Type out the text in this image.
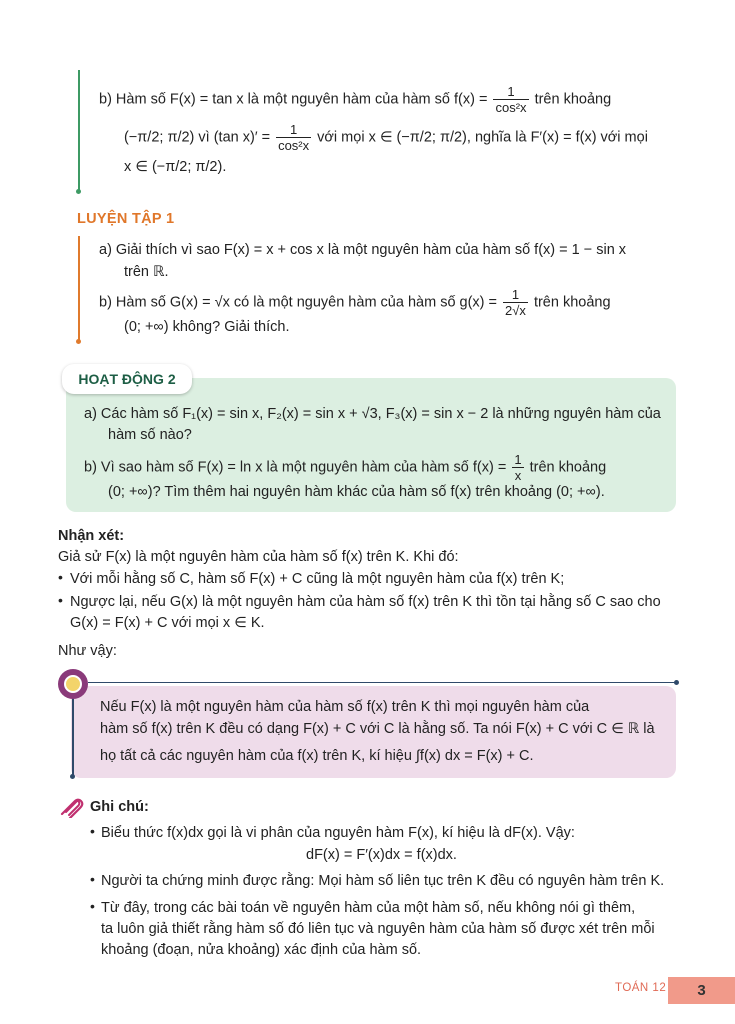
b) Hàm số F(x) = tan x là một nguyên hàm của hàm số $f(x) = \frac{1}{\text{cos²x}}$ trên khoảng
(−π/2; π/2) vì (tan $x)' = \frac{1}{\text{cos²x}}$ với mọi x ∈ (−π/2; π/2), nghĩa là F′(x) = f(x) với mọi
x ∈ (−π/2; π/2).
LUYỆN TẬP 1
a) Giải thích vì sao F(x) = x + cos x là một nguyên hàm của hàm số f(x) = 1 − sin x
trên ℝ.
b) Hàm số G(x) = √x có là một nguyên hàm của hàm số $g(x) = \frac{1}{2√x}$ trên khoảng
(0; +∞) không? Giải thích.
HOẠT ĐỘNG 2
a) Các hàm số F₁(x) = sin x, F₂(x) = sin x + √3, F₃(x) = sin x − 2 là những nguyên hàm của
hàm số nào?
b) Vì sao hàm số F(x) = ln x là một nguyên hàm của hàm số $f(x) = \frac{1}{x}$ trên khoảng
(0; +∞)? Tìm thêm hai nguyên hàm khác của hàm số f(x) trên khoảng (0; +∞).
Nhận xét:
Giả sử F(x) là một nguyên hàm của hàm số f(x) trên K. Khi đó:
• Với mỗi hằng số C, hàm số F(x) + C cũng là một nguyên hàm của f(x) trên K;
• Ngược lại, nếu G(x) là một nguyên hàm của hàm số f(x) trên K thì tồn tại hằng số C sao cho
G(x) = F(x) + C với mọi x ∈ K.
Như vậy:
Nếu F(x) là một nguyên hàm của hàm số f(x) trên K thì mọi nguyên hàm của
hàm số f(x) trên K đều có dạng F(x) + C với C là hằng số. Ta nói F(x) + C với C ∈ ℝ là
họ tất cả các nguyên hàm của f(x) trên K, kí hiệu ∫f(x) dx = F(x) + C.
Ghi chú:
• Biểu thức f(x)dx gọi là vi phân của nguyên hàm F(x), kí hiệu là dF(x). Vậy:
dF(x) = F′(x)dx = f(x)dx.
• Người ta chứng minh được rằng: Mọi hàm số liên tục trên K đều có nguyên hàm trên K.
• Từ đây, trong các bài toán về nguyên hàm của một hàm số, nếu không nói gì thêm,
ta luôn giả thiết rằng hàm số đó liên tục và nguyên hàm của hàm số được xét trên mỗi
khoảng (đoạn, nửa khoảng) xác định của hàm số.
TOÁN 12	3
